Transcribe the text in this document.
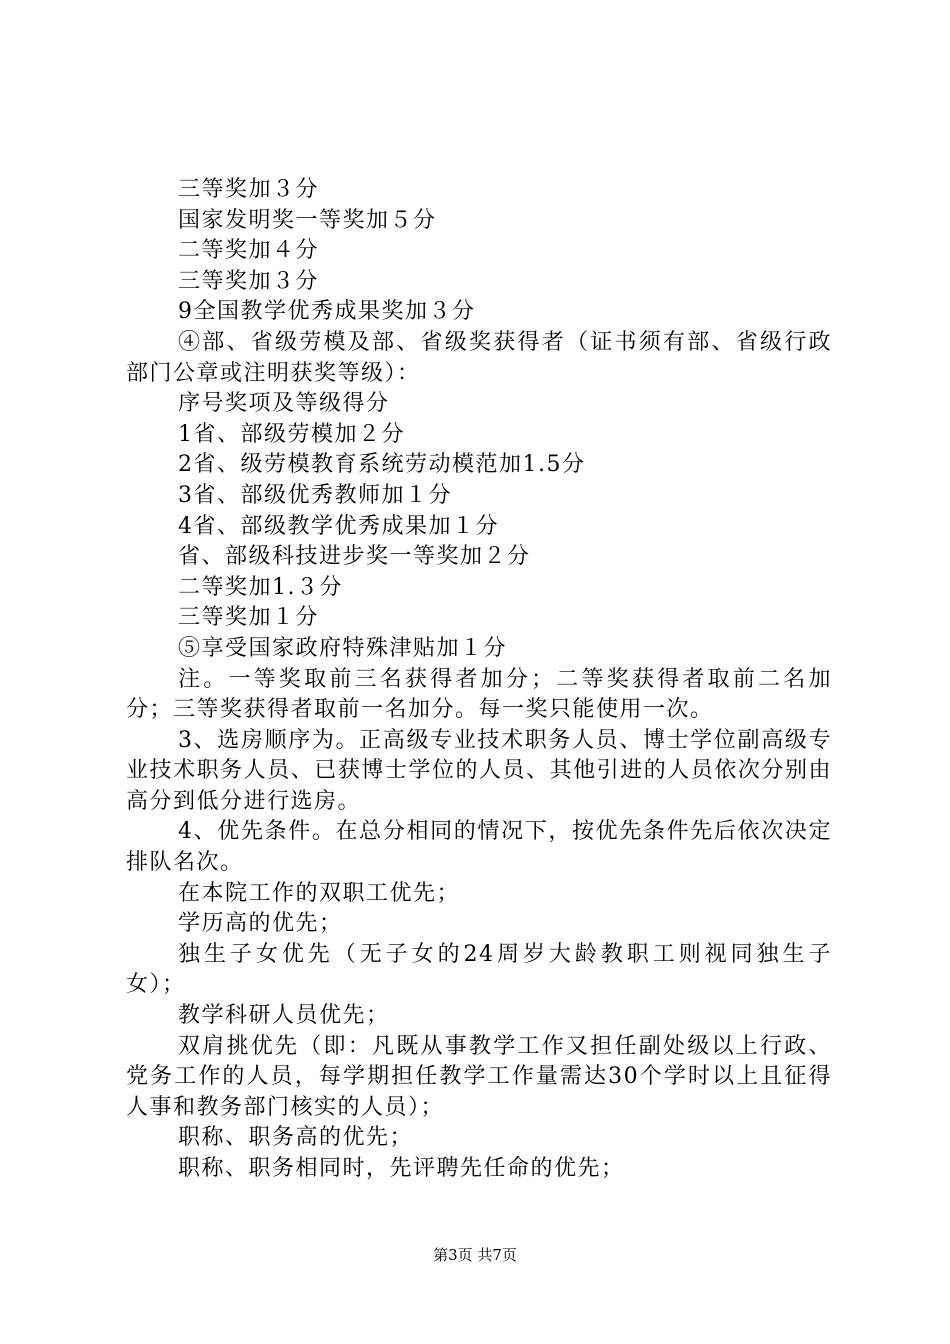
三等奖加３分

国家发明奖一等奖加５分

二等奖加４分

三等奖加３分

9全国教学优秀成果奖加３分

④部、省级劳模及部、省级奖获得者（证书须有部、省级行政部门公章或注明获奖等级）：

序号奖项及等级得分

1省、部级劳模加２分

2省、级劳模教育系统劳动模范加1.5分

3省、部级优秀教师加１分

4省、部级教学优秀成果加１分

省、部级科技进步奖一等奖加２分

二等奖加1.３分

三等奖加１分

⑤享受国家政府特殊津贴加１分

注。一等奖取前三名获得者加分；二等奖获得者取前二名加分；三等奖获得者取前一名加分。每一奖只能使用一次。

3、选房顺序为。正高级专业技术职务人员、博士学位副高级专业技术职务人员、已获博士学位的人员、其他引进的人员依次分别由高分到低分进行选房。

4、优先条件。在总分相同的情况下，按优先条件先后依次决定排队名次。

在本院工作的双职工优先；

学历高的优先；

独生子女优先（无子女的24周岁大龄教职工则视同独生子女）；

教学科研人员优先；

双肩挑优先（即：凡既从事教学工作又担任副处级以上行政、党务工作的人员，每学期担任教学工作量需达30个学时以上且征得人事和教务部门核实的人员）；

职称、职务高的优先；

职称、职务相同时，先评聘先任命的优先；

第3页 共7页
